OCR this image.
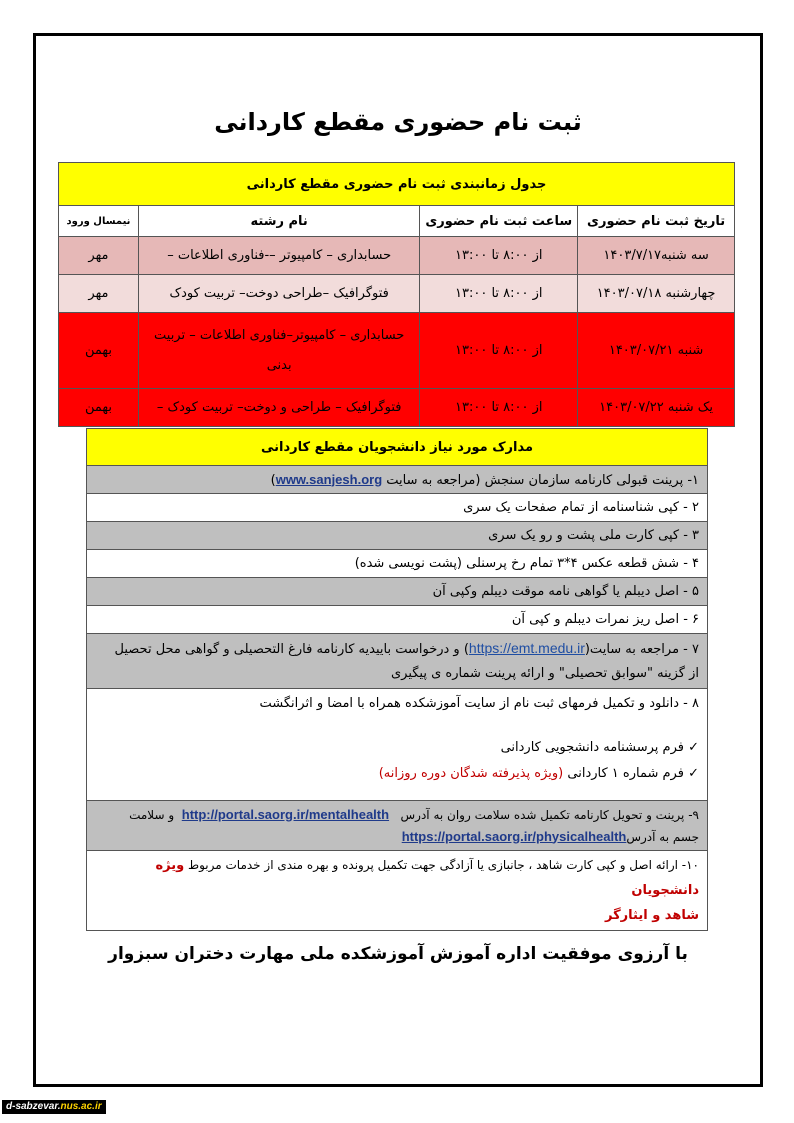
ثبت نام حضوری مقطع کاردانی
جدول زمانبندی ثبت نام حضوری مقطع کاردانی			
تاریخ ثبت نام حضوری	ساعت ثبت نام حضوری	نام رشته	نیمسال ورود
سه شنبه۱۴۰۳/۷/۱۷	از ۸:۰۰ تا ۱۳:۰۰	حسابداری – کامپیوتر –-فناوری اطلاعات –	مهر
چهارشنبه ۱۴۰۳/۰۷/۱۸	از ۸:۰۰ تا ۱۳:۰۰	فتوگرافیک –طراحی دوخت– تربیت کودک	مهر
شنبه ۱۴۰۳/۰۷/۲۱	از ۸:۰۰ تا ۱۳:۰۰	حسابداری – کامپیوتر–فناوری اطلاعات – تربیت بدنی	بهمن
یک شنبه ۱۴۰۳/۰۷/۲۲	از ۸:۰۰ تا ۱۳:۰۰	فتوگرافیک – طراحی و دوخت– تربیت کودک –	بهمن
مدارک مورد نیاز دانشجویان مقطع کاردانی
۱- پرینت قبولی کارنامه سازمان سنجش (مراجعه به سایت www.sanjesh.org)
۲ - کپی شناسنامه از تمام صفحات یک سری
۳ - کپی کارت ملی پشت و رو یک سری
۴ - شش قطعه عکس ۴*۳ تمام رخ پرسنلی (پشت نویسی شده)
۵ - اصل دیبلم یا گواهی نامه موقت دیبلم وکپی آن
۶ - اصل ریز نمرات دیبلم و کپی آن
۷ - مراجعه به سایت(https://emt.medu.ir) و درخواست باییدیه کارنامه فارغ التحصیلی و گواهی محل تحصیل
از گزینه "سوابق تحصیلی" و ارائه پرینت شماره ی پیگیری

۸ - دانلود و تکمیل فرمهای ثبت نام از سایت آموزشکده همراه با امضا و اثرانگشت
✓ فرم پرسشنامه دانشجویی کاردانی
✓ فرم شماره ۱ کاردانی (ویژه پذیرفته شدگان دوره روزانه)

۹- پرینت و تحویل کارنامه تکمیل شده سلامت روان به آدرس   http://portal.saorg.ir/mentalhealth  و سلامت
جسم به آدرسhttps://portal.saorg.ir/physicalhealth
۱۰- ارائه اصل و کپی کارت شاهد ، جانبازی یا آزادگی جهت تکمیل پرونده و بهره مندی از خدمات مربوط ویژه دانشجویان
شاهد و ایثارگر
با آرزوی موفقیت اداره آموزش آموزشکده ملی مهارت دختران سبزوار
d-sabzevar.nus.ac.ir
